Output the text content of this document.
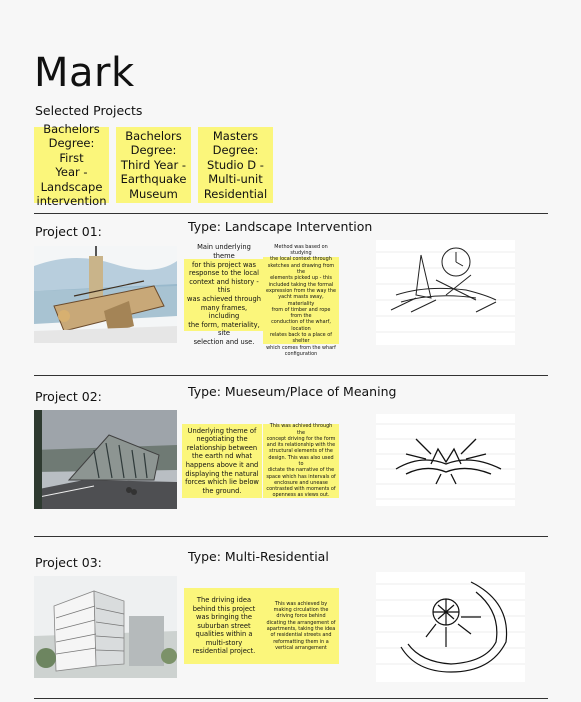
Mark
Selected Projects
Bachelors
Degree: First
Year -
Landscape
intervention
Bachelors
Degree:
Third Year -
Earthquake
Museum
Masters
Degree:
Studio D -
Multi-unit
Residential
Project 01:	Type: Landscape Intervention
Main underlying theme
for this project was
response to the local
context and history - this
was achieved through
many frames, including
the form, materiality, site
selection and use.
Method was based on studying
the local context through
sketches and drawing from the
elements picked up - this
included taking the formal
expression from the way the
yacht masts sway, materiality
from of timber and rope from the
conduction of the wharf, location
relates back to a place of shelter
which comes from the wharf
configuration
Project 02:	Type: Mueseum/Place of Meaning
Underlying theme of
negotiating the
relationship between
the earth nd what
happens above it and
displaying the natural
forces which lie below
the ground.
This was achived through the
concept driving for the form
and its relationship with the
structural elements of the
design. This was also used to
dictate the narrative of the
space which has intervals of
enclosure and unease
contrasted with moments of
openness as views out.
Project 03:	Type: Multi-Residential
The driving idea
behind this project
was bringing the
suburban street
qualities within a
multi-story
residential project.
This was achieved by
making circulation the
driving force behind
dicating the arrangement of
apartments, taking the idea
of residential streets and
reformatting them in a
vertical arrangement
